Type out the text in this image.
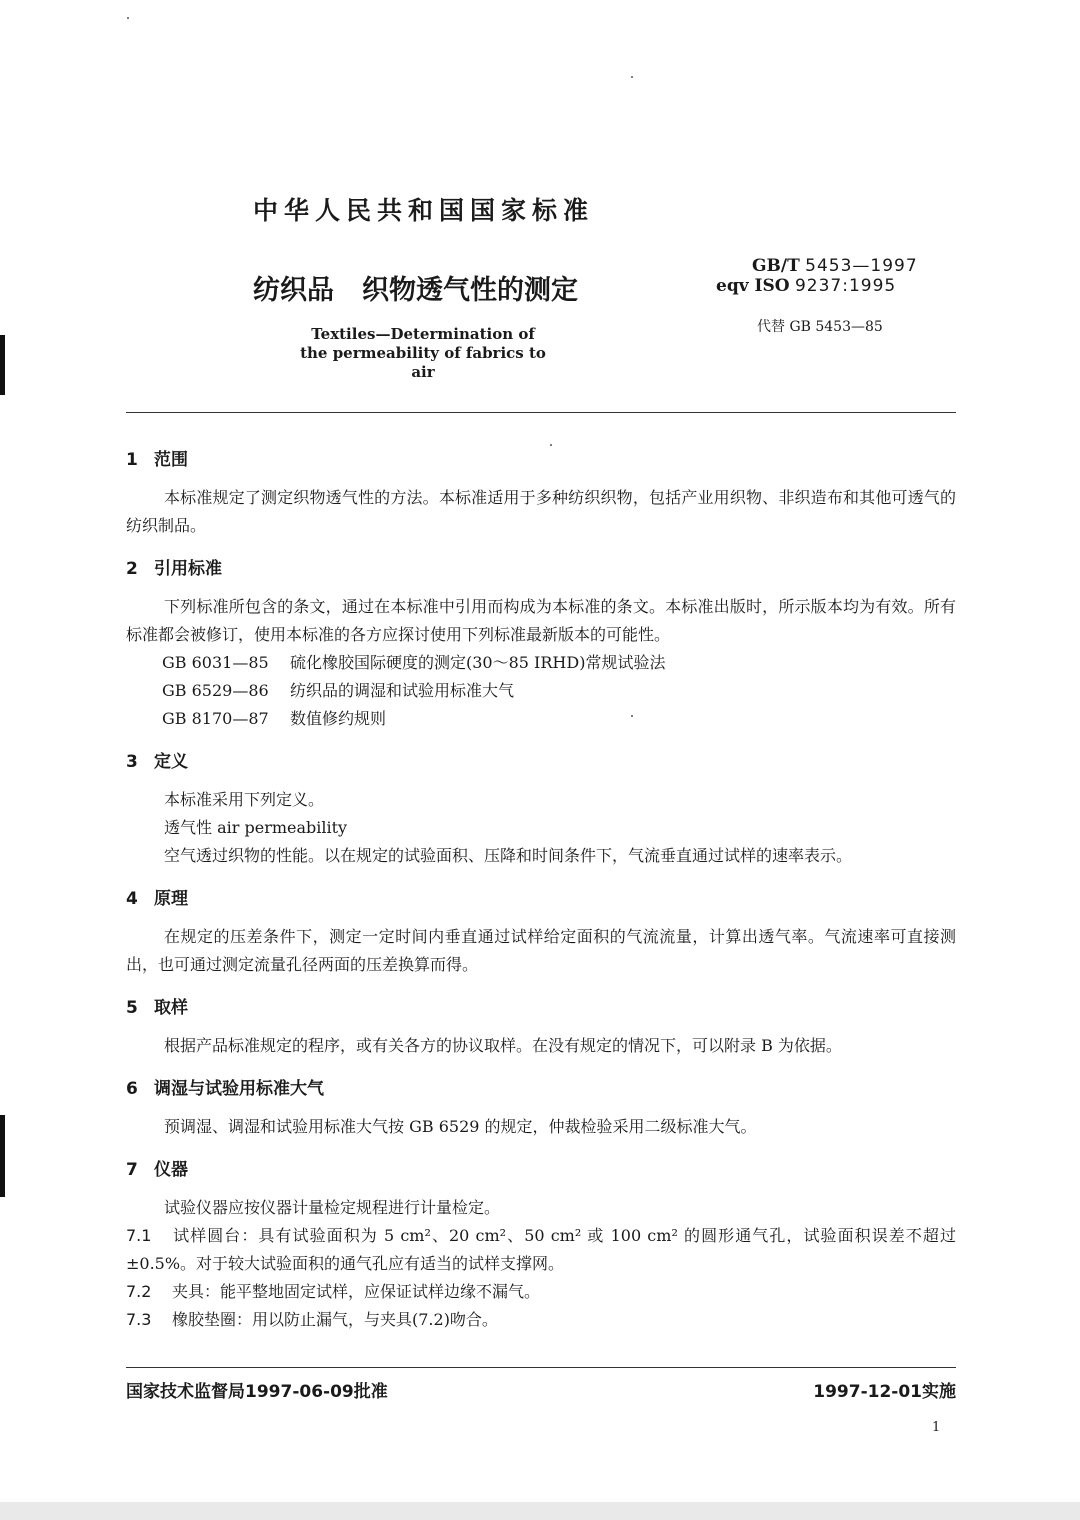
中华人民共和国国家标准
纺织品 织物透气性的测定
Textiles—Determination of the permeability of fabrics to air
GB/T 5453—1997
eqv ISO 9237:1995
代替 GB 5453—85
1 范围
本标准规定了测定织物透气性的方法。本标准适用于多种纺织织物，包括产业用织物、非织造布和其他可透气的纺织制品。
2 引用标准
下列标准所包含的条文，通过在本标准中引用而构成为本标准的条文。本标准出版时，所示版本均为有效。所有标准都会被修订，使用本标准的各方应探讨使用下列标准最新版本的可能性。
GB 6031—85 硫化橡胶国际硬度的测定(30～85 IRHD)常规试验法
GB 6529—86 纺织品的调湿和试验用标准大气
GB 8170—87 数值修约规则
3 定义
本标准采用下列定义。
透气性 air permeability
空气透过织物的性能。以在规定的试验面积、压降和时间条件下，气流垂直通过试样的速率表示。
4 原理
在规定的压差条件下，测定一定时间内垂直通过试样给定面积的气流流量，计算出透气率。气流速率可直接测出，也可通过测定流量孔径两面的压差换算而得。
5 取样
根据产品标准规定的程序，或有关各方的协议取样。在没有规定的情况下，可以附录 B 为依据。
6 调湿与试验用标准大气
预调湿、调湿和试验用标准大气按 GB 6529 的规定，仲裁检验采用二级标准大气。
7 仪器
试验仪器应按仪器计量检定规程进行计量检定。
7.1 试样圆台：具有试验面积为 5 cm²、20 cm²、50 cm² 或 100 cm² 的圆形通气孔，试验面积误差不超过±0.5%。对于较大试验面积的通气孔应有适当的试样支撑网。
7.2 夹具：能平整地固定试样，应保证试样边缘不漏气。
7.3 橡胶垫圈：用以防止漏气，与夹具(7.2)吻合。
国家技术监督局1997-06-09批准	1997-12-01实施
1
